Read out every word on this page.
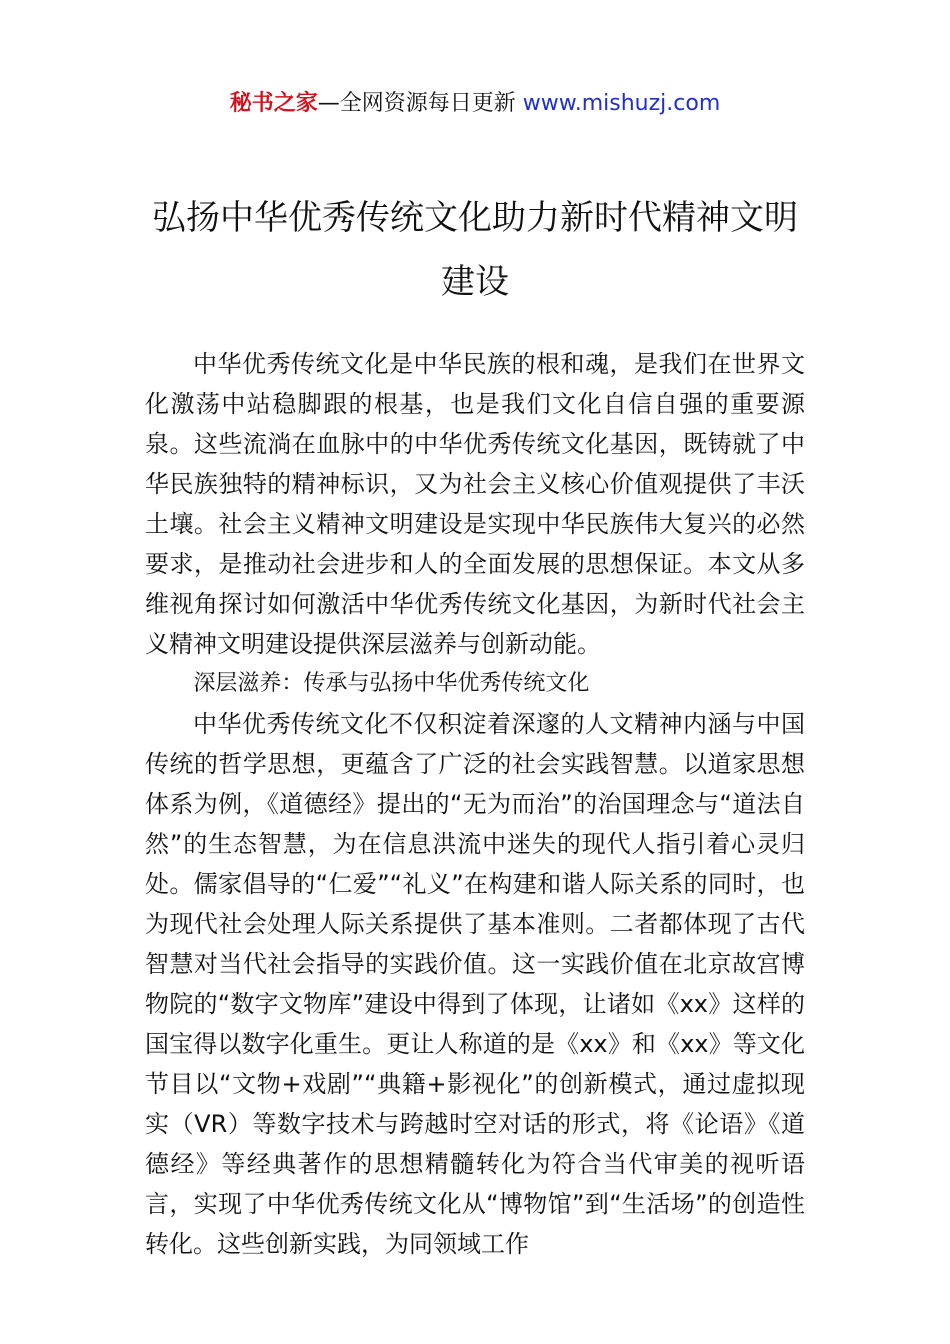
秘书之家—全网资源每日更新 www.mishuzj.com
弘扬中华优秀传统文化助力新时代精神文明建设

中华优秀传统文化是中华民族的根和魂，是我们在世界文化激荡中站稳脚跟的根基，也是我们文化自信自强的重要源泉。这些流淌在血脉中的中华优秀传统文化基因，既铸就了中华民族独特的精神标识，又为社会主义核心价值观提供了丰沃土壤。社会主义精神文明建设是实现中华民族伟大复兴的必然要求，是推动社会进步和人的全面发展的思想保证。本文从多维视角探讨如何激活中华优秀传统文化基因，为新时代社会主义精神文明建设提供深层滋养与创新动能。

深层滋养：传承与弘扬中华优秀传统文化

中华优秀传统文化不仅积淀着深邃的人文精神内涵与中国传统的哲学思想，更蕴含了广泛的社会实践智慧。以道家思想体系为例，《道德经》提出的“无为而治”的治国理念与“道法自然”的生态智慧，为在信息洪流中迷失的现代人指引着心灵归处。儒家倡导的“仁爱”“礼义”在构建和谐人际关系的同时，也为现代社会处理人际关系提供了基本准则。二者都体现了古代智慧对当代社会指导的实践价值。这一实践价值在北京故宫博物院的“数字文物库”建设中得到了体现，让诸如《xx》这样的国宝得以数字化重生。更让人称道的是《xx》和《xx》等文化节目以“文物+戏剧”“典籍+影视化”的创新模式，通过虚拟现实（VR）等数字技术与跨越时空对话的形式，将《论语》《道德经》等经典著作的思想精髓转化为符合当代审美的视听语言，实现了中华优秀传统文化从“博物馆”到“生活场”的创造性转化。这些创新实践，为同领域工作
